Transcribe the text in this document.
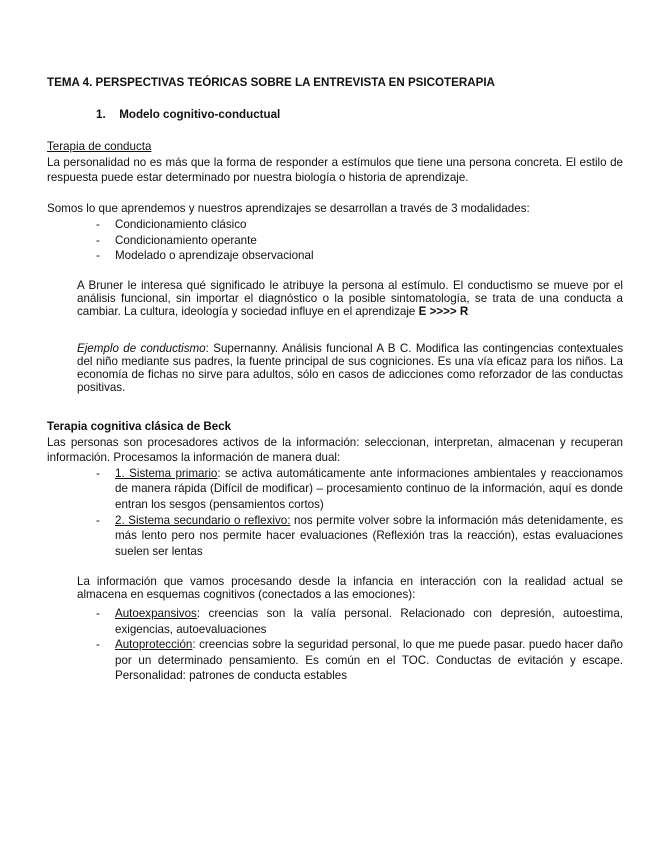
TEMA 4. PERSPECTIVAS TEÓRICAS SOBRE LA ENTREVISTA EN PSICOTERAPIA
1. Modelo cognitivo-conductual

Terapia de conducta

La personalidad no es más que la forma de responder a estímulos que tiene una persona concreta. El estilo de respuesta puede estar determinado por nuestra biología o historia de aprendizaje.

Somos lo que aprendemos y nuestros aprendizajes se desarrollan a través de 3 modalidades:

- Condicionamiento clásico
- Condicionamiento operante
- Modelado o aprendizaje observacional
A Bruner le interesa qué significado le atribuye la persona al estímulo. El conductismo se mueve por el análisis funcional, sin importar el diagnóstico o la posible sintomatología, se trata de una conducta a cambiar. La cultura, ideología y sociedad influye en el aprendizaje E >>>> R
Ejemplo de conductismo: Supernanny. Análisis funcional A B C. Modifica las contingencias contextuales del niño mediante sus padres, la fuente principal de sus cogniciones. Es una vía eficaz para los niños. La economía de fichas no sirve para adultos, sólo en casos de adicciones como reforzador de las conductas positivas.

Terapia cognitiva clásica de Beck

Las personas son procesadores activos de la información: seleccionan, interpretan, almacenan y recuperan información. Procesamos la información de manera dual:

- 1. Sistema primario: se activa automáticamente ante informaciones ambientales y reaccionamos de manera rápida (Difícil de modificar) – procesamiento continuo de la información, aquí es donde entran los sesgos (pensamientos cortos)
- 2. Sistema secundario o reflexivo: nos permite volver sobre la información más detenidamente, es más lento pero nos permite hacer evaluaciones (Reflexión tras la reacción), estas evaluaciones suelen ser lentas
La información que vamos procesando desde la infancia en interacción con la realidad actual se almacena en esquemas cognitivos (conectados a las emociones):
- Autoexpansivos: creencias son la valía personal. Relacionado con depresión, autoestima, exigencias, autoevaluaciones
- Autoprotección: creencias sobre la seguridad personal, lo que me puede pasar. puedo hacer daño por un determinado pensamiento. Es común en el TOC. Conductas de evitación y escape. Personalidad: patrones de conducta estables
